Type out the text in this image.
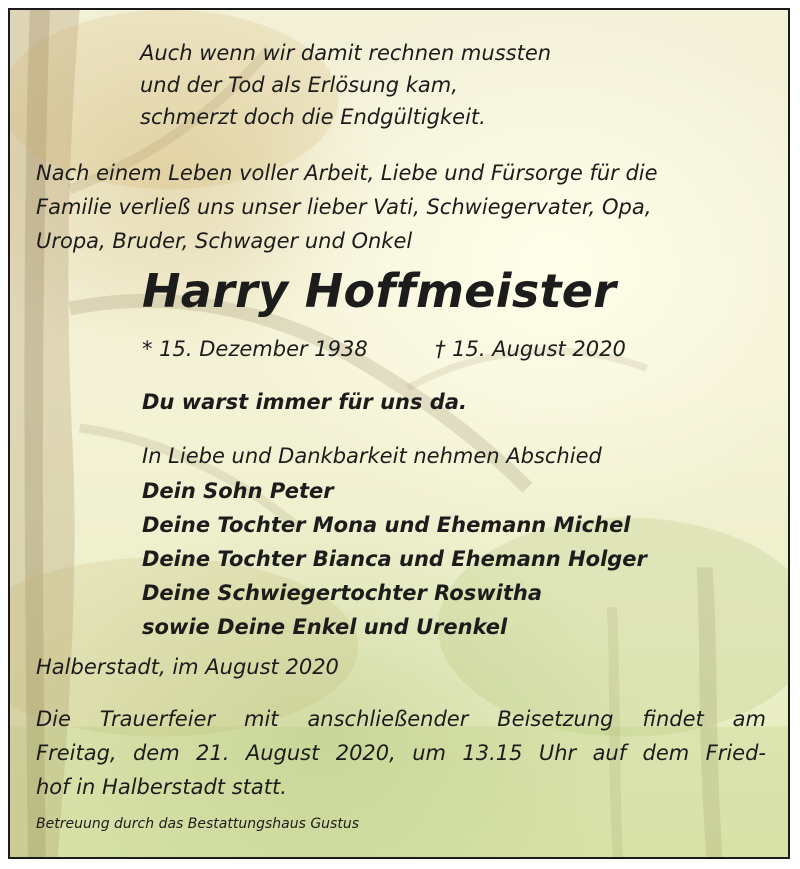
Auch wenn wir damit rechnen mussten

und der Tod als Erlösung kam,

schmerzt doch die Endgültigkeit.

Nach einem Leben voller Arbeit, Liebe und Fürsorge für die

Familie verließ uns unser lieber Vati, Schwiegervater, Opa,

Uropa, Bruder, Schwager und Onkel

Harry Hoffmeister
* 15. Dezember 1938	† 15. August 2020

Du warst immer für uns da.

In Liebe und Dankbarkeit nehmen Abschied

Dein Sohn Peter

Deine Tochter Mona und Ehemann Michel

Deine Tochter Bianca und Ehemann Holger

Deine Schwiegertochter Roswitha

sowie Deine Enkel und Urenkel

Halberstadt, im August 2020

Die Trauerfeier mit anschließender Beisetzung findet am

Freitag, dem 21. August 2020, um 13.15 Uhr auf dem Fried-

hof in Halberstadt statt.

Betreuung durch das Bestattungshaus Gustus
